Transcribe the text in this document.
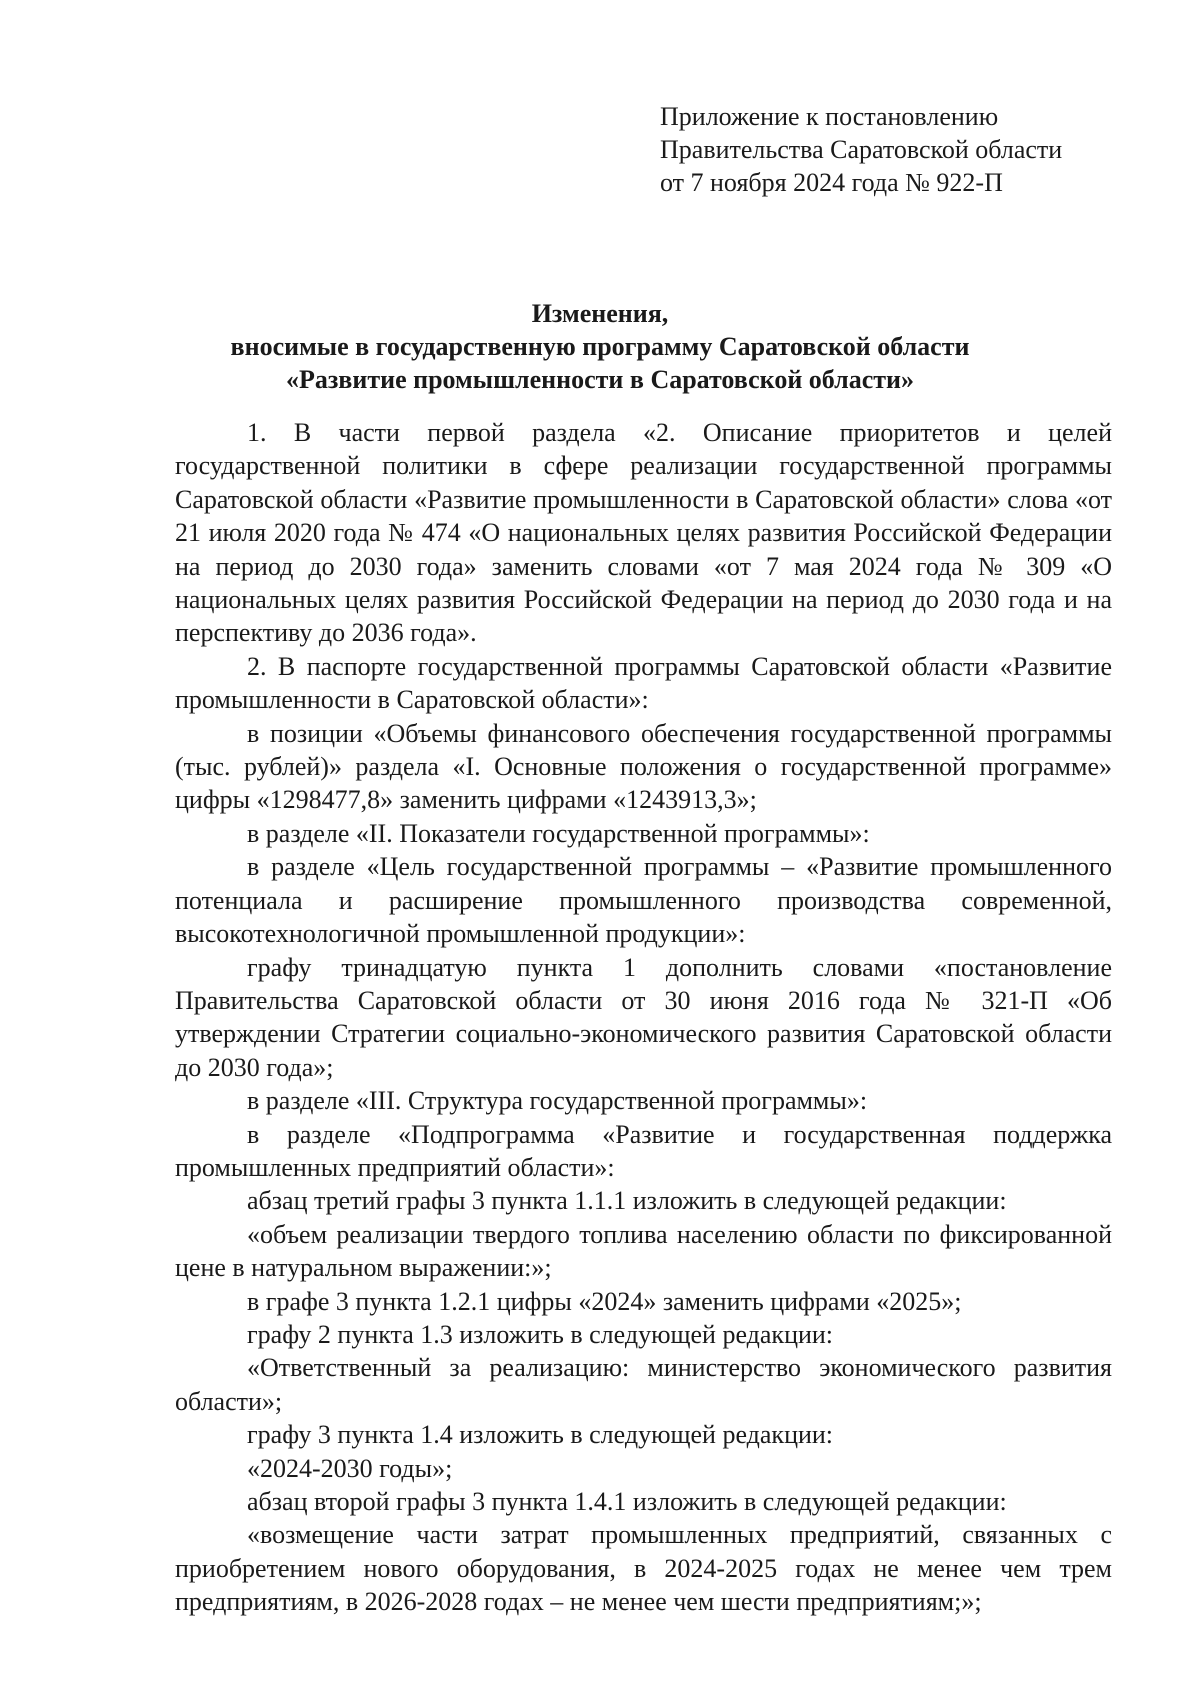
Приложение к постановлению
Правительства Саратовской области
от 7 ноября 2024 года № 922-П
Изменения,
вносимые в государственную программу Саратовской области
«Развитие промышленности в Саратовской области»

1. В части первой раздела «2. Описание приоритетов и целей государственной политики в сфере реализации государственной программы Саратовской области «Развитие промышленности в Саратовской области» слова «от 21 июля 2020 года № 474 «О национальных целях развития Российской Федерации на период до 2030 года» заменить словами «от 7 мая 2024 года № 309 «О национальных целях развития Российской Федерации на период до 2030 года и на перспективу до 2036 года».

2. В паспорте государственной программы Саратовской области «Развитие промышленности в Саратовской области»:

в позиции «Объемы финансового обеспечения государственной программы (тыс. рублей)» раздела «I. Основные положения о государственной программе» цифры «1298477,8» заменить цифрами «1243913,3»;

в разделе «II. Показатели государственной программы»:

в разделе «Цель государственной программы – «Развитие промышленного потенциала и расширение промышленного производства современной, высокотехнологичной промышленной продукции»:

графу тринадцатую пункта 1 дополнить словами «постановление Правительства Саратовской области от 30 июня 2016 года № 321-П «Об утверждении Стратегии социально-экономического развития Саратовской области до 2030 года»;

в разделе «III. Структура государственной программы»:

в разделе «Подпрограмма «Развитие и государственная поддержка промышленных предприятий области»:

абзац третий графы 3 пункта 1.1.1 изложить в следующей редакции:

«объем реализации твердого топлива населению области по фиксированной цене в натуральном выражении:»;

в графе 3 пункта 1.2.1 цифры «2024» заменить цифрами «2025»;

графу 2 пункта 1.3 изложить в следующей редакции:

«Ответственный за реализацию: министерство экономического развития области»;

графу 3 пункта 1.4 изложить в следующей редакции:

«2024-2030 годы»;

абзац второй графы 3 пункта 1.4.1 изложить в следующей редакции:

«возмещение части затрат промышленных предприятий, связанных с приобретением нового оборудования, в 2024-2025 годах не менее чем трем предприятиям, в 2026-2028 годах – не менее чем шести предприятиям;»;
